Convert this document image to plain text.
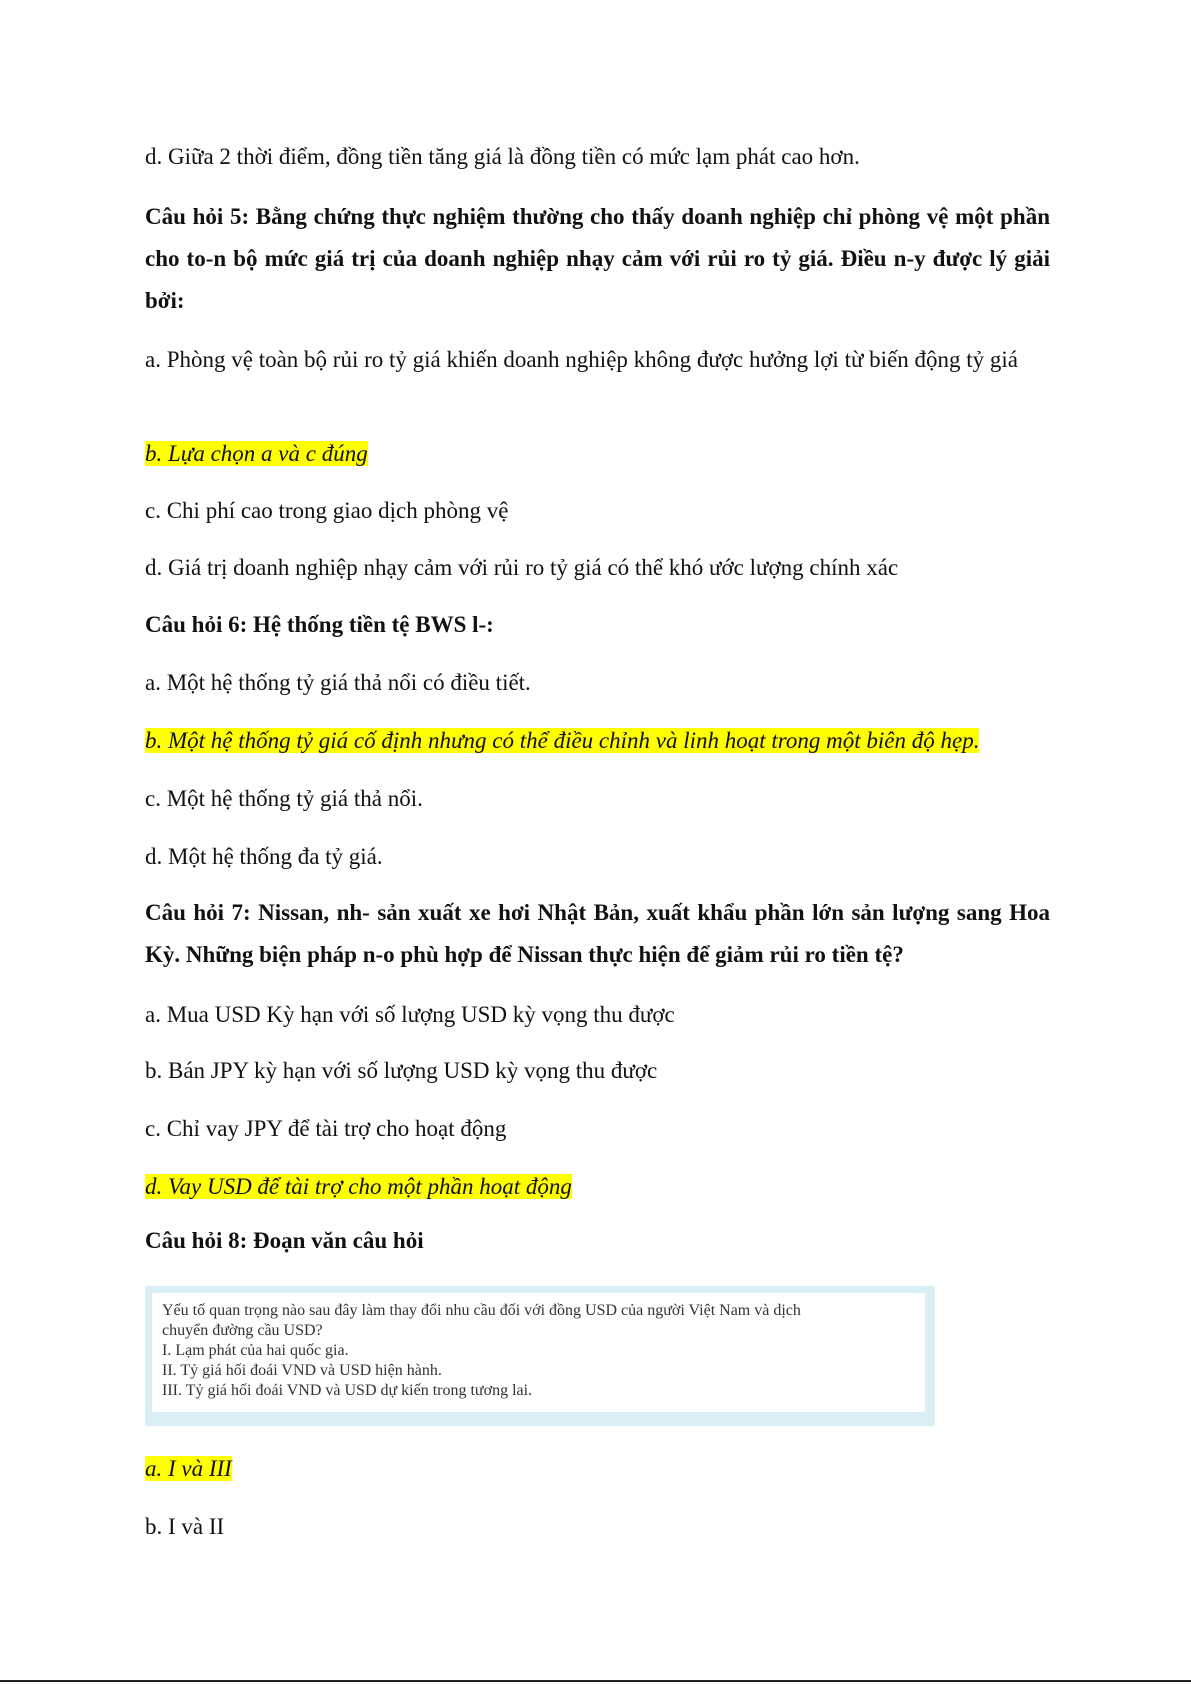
d. Giữa 2 thời điểm, đồng tiền tăng giá là đồng tiền có mức lạm phát cao hơn.
Câu hỏi 5: Bằng chứng thực nghiệm thường cho thấy doanh nghiệp chỉ phòng vệ một phần cho to-n bộ mức giá trị của doanh nghiệp nhạy cảm với rủi ro tỷ giá. Điều n-y được lý giải bởi:
a. Phòng vệ toàn bộ rủi ro tỷ giá khiến doanh nghiệp không được hưởng lợi từ biến động tỷ giá
b. Lựa chọn a và c đúng
c. Chi phí cao trong giao dịch phòng vệ
d. Giá trị doanh nghiệp nhạy cảm với rủi ro tỷ giá có thể khó ước lượng chính xác
Câu hỏi 6: Hệ thống tiền tệ BWS l-:
a. Một hệ thống tỷ giá thả nổi có điều tiết.
b. Một hệ thống tỷ giá cố định nhưng có thể điều chỉnh và linh hoạt trong một biên độ hẹp.
c. Một hệ thống tỷ giá thả nổi.
d. Một hệ thống đa tỷ giá.
Câu hỏi 7: Nissan, nh- sản xuất xe hơi Nhật Bản, xuất khẩu phần lớn sản lượng sang Hoa Kỳ. Những biện pháp n-o phù hợp để Nissan thực hiện để giảm rủi ro tiền tệ?
a. Mua USD Kỳ hạn với số lượng USD kỳ vọng thu được
b. Bán JPY kỳ hạn với số lượng USD kỳ vọng thu được
c. Chỉ vay JPY để tài trợ cho hoạt động
d. Vay USD để tài trợ cho một phần hoạt động
Câu hỏi 8: Đoạn văn câu hỏi
Yếu tố quan trọng nào sau đây làm thay đổi nhu cầu đối với đồng USD của người Việt Nam và dịch
chuyển đường cầu USD?
I. Lạm phát của hai quốc gia.
II. Tỷ giá hối đoái VND và USD hiện hành.
III. Tỷ giá hối đoái VND và USD dự kiến trong tương lai.
a. I và III
b. I và II
